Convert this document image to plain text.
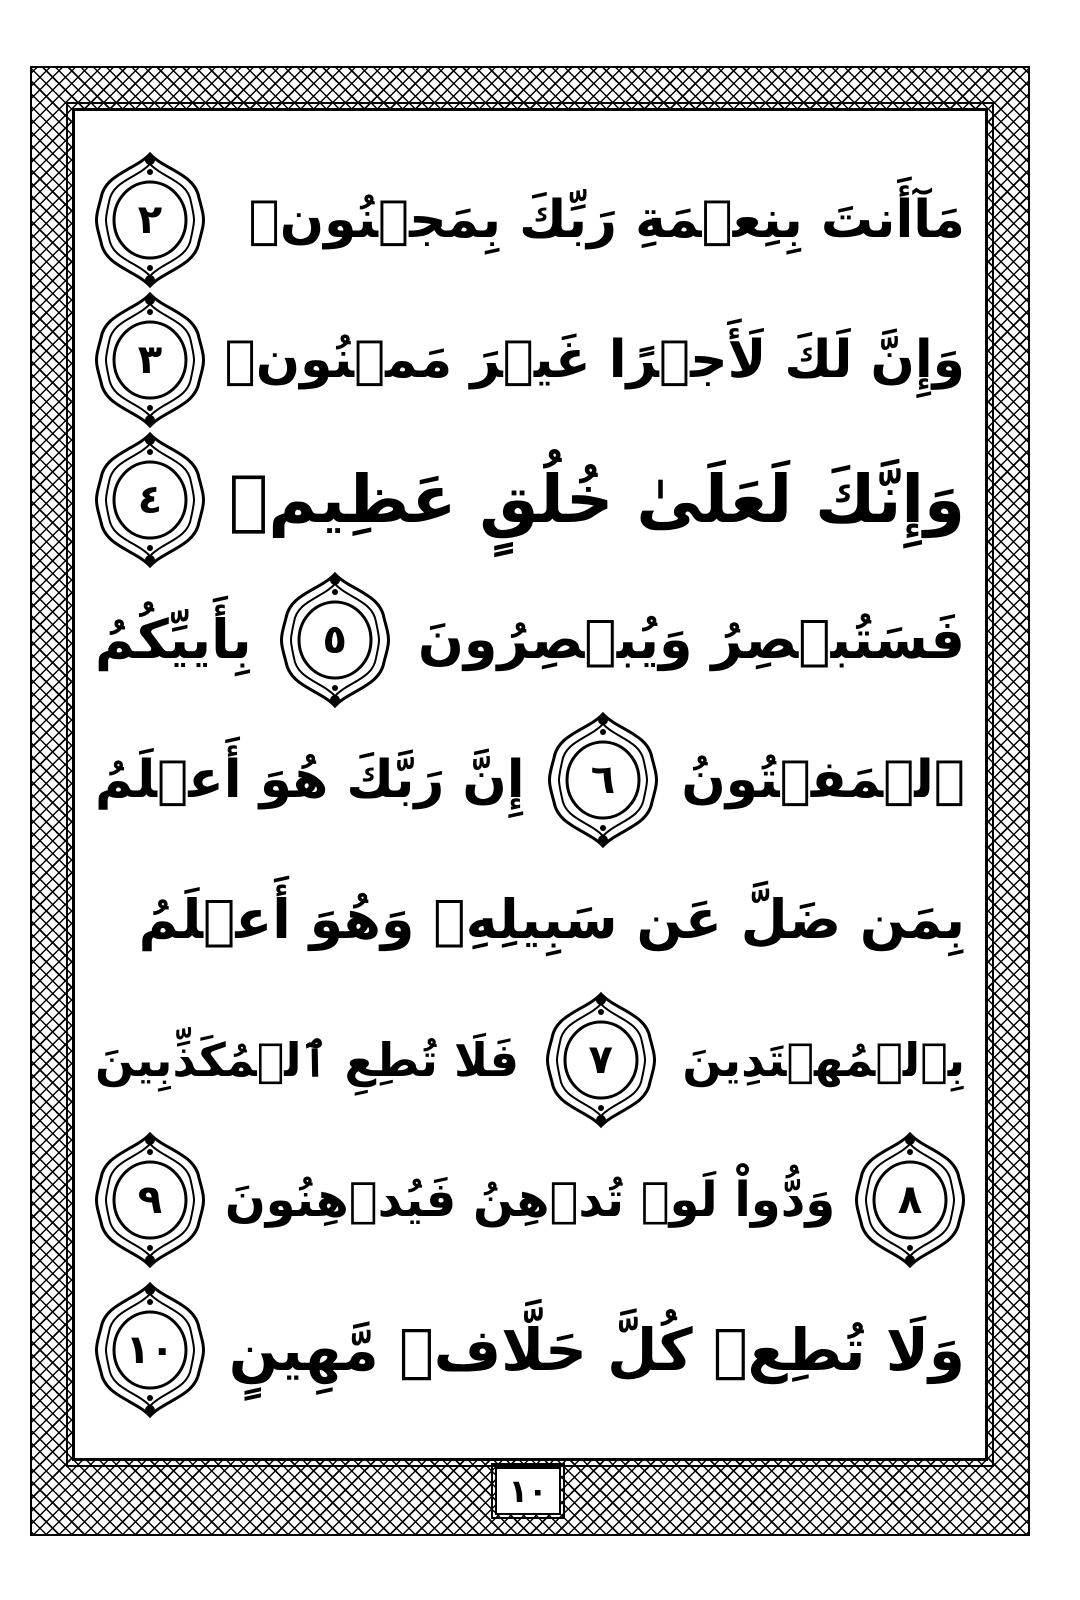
مَآأَنتَ بِنِعۡمَةِ رَبِّكَ بِمَجۡنُونٖ
٢
وَإِنَّ لَكَ لَأَجۡرًا غَيۡرَ مَمۡنُونٖ
٣
وَإِنَّكَ لَعَلَىٰ خُلُقٍ عَظِيمٖ
٤
فَسَتُبۡصِرُ وَيُبۡصِرُونَ
٥
بِأَييِّكُمُ
ٱلۡمَفۡتُونُ
٦
إِنَّ رَبَّكَ هُوَ أَعۡلَمُ
بِمَن ضَلَّ عَن سَبِيلِهِۦ وَهُوَ أَعۡلَمُ
بِٱلۡمُهۡتَدِينَ
٧
فَلَا تُطِعِ ٱلۡمُكَذِّبِينَ
٨
وَدُّواْ لَوۡ تُدۡهِنُ فَيُدۡهِنُونَ
٩
وَلَا تُطِعۡ كُلَّ حَلَّافٖ مَّهِينٍ
١٠
١٠
